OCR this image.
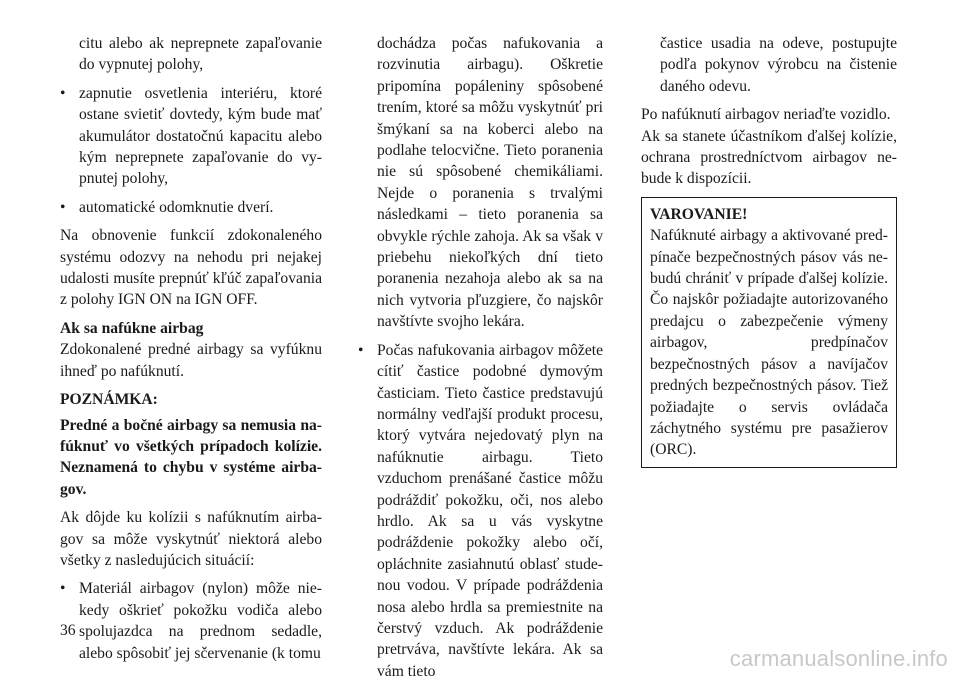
citu alebo ak neprepnete zapaľovanie do vypnutej polohy,

• zapnutie osvetlenia interiéru, ktoré ostane svietiť dovtedy, kým bude mať akumulátor dostatočnú kapacitu alebo kým neprepnete zapaľovanie do vypnutej polohy,
• automatické odomknutie dverí.

Na obnovenie funkcií zdokonaleného systému odozvy na nehodu pri nejakej udalosti musíte prepnúť kľúč zapaľovania z polohy IGN ON na IGN OFF.

Ak sa nafúkne airbag

Zdokonalené predné airbagy sa vyfúknu ihneď po nafúknutí.

POZNÁMKA:

Predné a bočné airbagy sa nemusia nafúknuť vo všetkých prípadoch kolízie. Neznamená to chybu v systéme airbagov.

Ak dôjde ku kolízii s nafúknutím airbagov sa môže vyskytnúť niektorá alebo všetky z nasledujúcich situácií:

• Materiál airbagov (nylon) môže niekedy oškrieť pokožku vodiča alebo spolujazdca na prednom sedadle, alebo spôsobiť jej sčervenanie (k tomu

dochádza počas nafukovania a rozvinutia airbagu). Oškretie pripomína popáleniny spôsobené trením, ktoré sa môžu vyskytnúť pri šmýkaní sa na koberci alebo na podlahe telocvične. Tieto poranenia nie sú spôsobené chemikáliami. Nejde o poranenia s trvalými následkami – tieto poranenia sa obvykle rýchle zahoja. Ak sa však v priebehu niekoľkých dní tieto poranenia nezahoja alebo ak sa na nich vytvoria pľuzgiere, čo najskôr navštívte svojho lekára.

• Počas nafukovania airbagov môžete cítiť častice podobné dymovým časticiam. Tieto častice predstavujú normálny vedľajší produkt procesu, ktorý vytvára nejedovatý plyn na nafúknutie airbagu. Tieto vzduchom prenášané častice môžu podráždiť pokožku, oči, nos alebo hrdlo. Ak sa u vás vyskytne podráždenie pokožky alebo očí, opláchnite zasiahnutú oblasť studenou vodou. V prípade podráždenia nosa alebo hrdla sa premiestnite na čerstvý vzduch. Ak podráždenie pretrváva, navštívte lekára. Ak sa vám tieto

častice usadia na odeve, postupujte podľa pokynov výrobcu na čistenie daného odevu.

Po nafúknutí airbagov neriaďte vozidlo.

Ak sa stanete účastníkom ďalšej kolízie, ochrana prostredníctvom airbagov nebude k dispozícii.

VAROVANIE!

Nafúknuté airbagy a aktivované predpínače bezpečnostných pásov vás nebudú chrániť v prípade ďalšej kolízie. Čo najskôr požiadajte autorizovaného predajcu o zabezpečenie výmeny airbagov, predpínačov bezpečnostných pásov a navíjačov predných bezpečnostných pásov. Tiež požiadajte o servis ovládača záchytného systému pre pasažierov (ORC).

36
carmanualsonline.info
